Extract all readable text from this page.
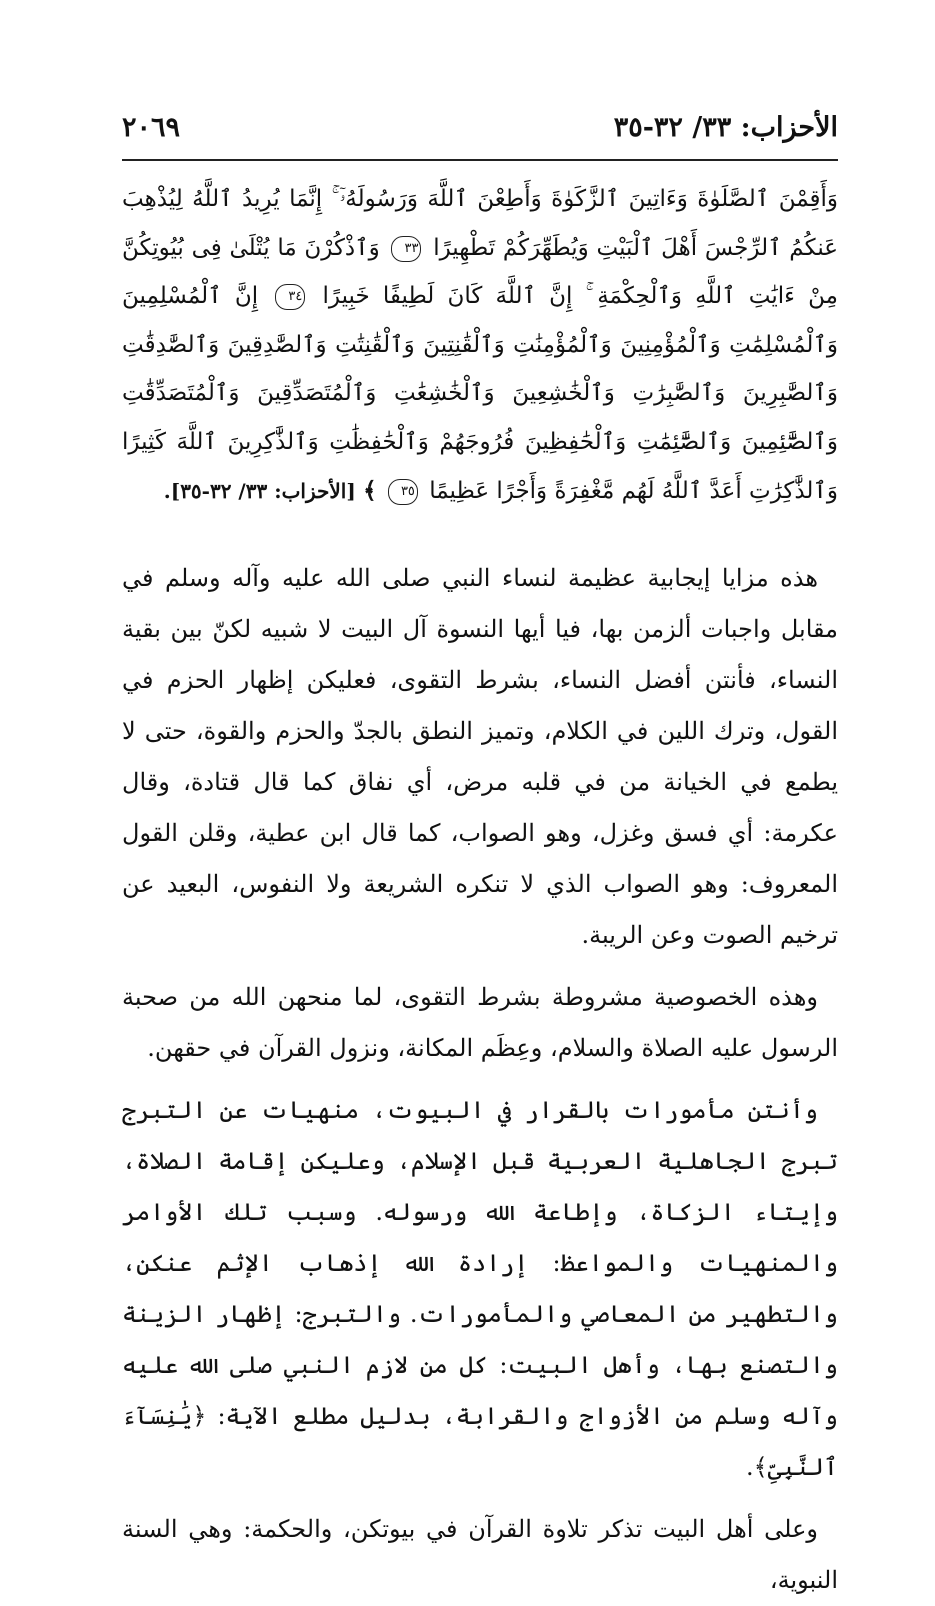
الأحزاب: ٣٣/ ٣٢-٣٥
٢٠٦٩

وَأَقِمْنَ ٱلصَّلَوٰةَ وَءَاتِينَ ٱلزَّكَوٰةَ وَأَطِعْنَ ٱللَّهَ وَرَسُولَهُۥٓ ۚ إِنَّمَا يُرِيدُ ٱللَّهُ لِيُذْهِبَ عَنكُمُ ٱلرِّجْسَ أَهْلَ ٱلْبَيْتِ وَيُطَهِّرَكُمْ تَطْهِيرًا ٣٣ وَٱذْكُرْنَ مَا يُتْلَىٰ فِى بُيُوتِكُنَّ مِنْ ءَايَٰتِ ٱللَّهِ وَٱلْحِكْمَةِ ۚ إِنَّ ٱللَّهَ كَانَ لَطِيفًا خَبِيرًا ٣٤ إِنَّ ٱلْمُسْلِمِينَ وَٱلْمُسْلِمَٰتِ وَٱلْمُؤْمِنِينَ وَٱلْمُؤْمِنَٰتِ وَٱلْقَٰنِتِينَ وَٱلْقَٰنِتَٰتِ وَٱلصَّٰدِقِينَ وَٱلصَّٰدِقَٰتِ وَٱلصَّٰبِرِينَ وَٱلصَّٰبِرَٰتِ وَٱلْخَٰشِعِينَ وَٱلْخَٰشِعَٰتِ وَٱلْمُتَصَدِّقِينَ وَٱلْمُتَصَدِّقَٰتِ وَٱلصَّٰٓئِمِينَ وَٱلصَّٰٓئِمَٰتِ وَٱلْحَٰفِظِينَ فُرُوجَهُمْ وَٱلْحَٰفِظَٰتِ وَٱلذَّٰكِرِينَ ٱللَّهَ كَثِيرًا وَٱلذَّٰكِرَٰتِ أَعَدَّ ٱللَّهُ لَهُم مَّغْفِرَةً وَأَجْرًا عَظِيمًا ٣٥ ﴾ [الأحزاب: ٣٣/ ٣٢-٣٥].

هذه مزايا إيجابية عظيمة لنساء النبي صلى الله عليه وآله وسلم في مقابل واجبات ألزمن بها، فيا أيها النسوة آل البيت لا شبيه لكنّ بين بقية النساء، فأنتن أفضل النساء، بشرط التقوى، فعليكن إظهار الحزم في القول، وترك اللين في الكلام، وتميز النطق بالجدّ والحزم والقوة، حتى لا يطمع في الخيانة من في قلبه مرض، أي نفاق كما قال قتادة، وقال عكرمة: أي فسق وغزل، وهو الصواب، كما قال ابن عطية، وقلن القول المعروف: وهو الصواب الذي لا تنكره الشريعة ولا النفوس، البعيد عن ترخيم الصوت وعن الريبة.

وهذه الخصوصية مشروطة بشرط التقوى، لما منحهن الله من صحبة الرسول عليه الصلاة والسلام، وعِظَم المكانة، ونزول القرآن في حقهن.

وأنتن مأمورات بالقرار في البيوت، منهيات عن التبرج تبرج الجاهلية العربية قبل الإسلام، وعليكن إقامة الصلاة، وإيتاء الزكاة، وإطاعة الله ورسوله. وسبب تلك الأوامر والمنهيات والمواعظ: إرادة الله إذهاب الإثم عنكن، والتطهير من المعاصي والمأمورات. والتبرج: إظهار الزينة والتصنع بها، وأهل البيت: كل من لازم النبي صلى الله عليه وآله وسلم من الأزواج والقرابة، بدليل مطلع الآية: ﴿يَٰنِسَآءَ ٱلنَّبِىِّ﴾.

وعلى أهل البيت تذكر تلاوة القرآن في بيوتكن، والحكمة: وهي السنة النبوية،
